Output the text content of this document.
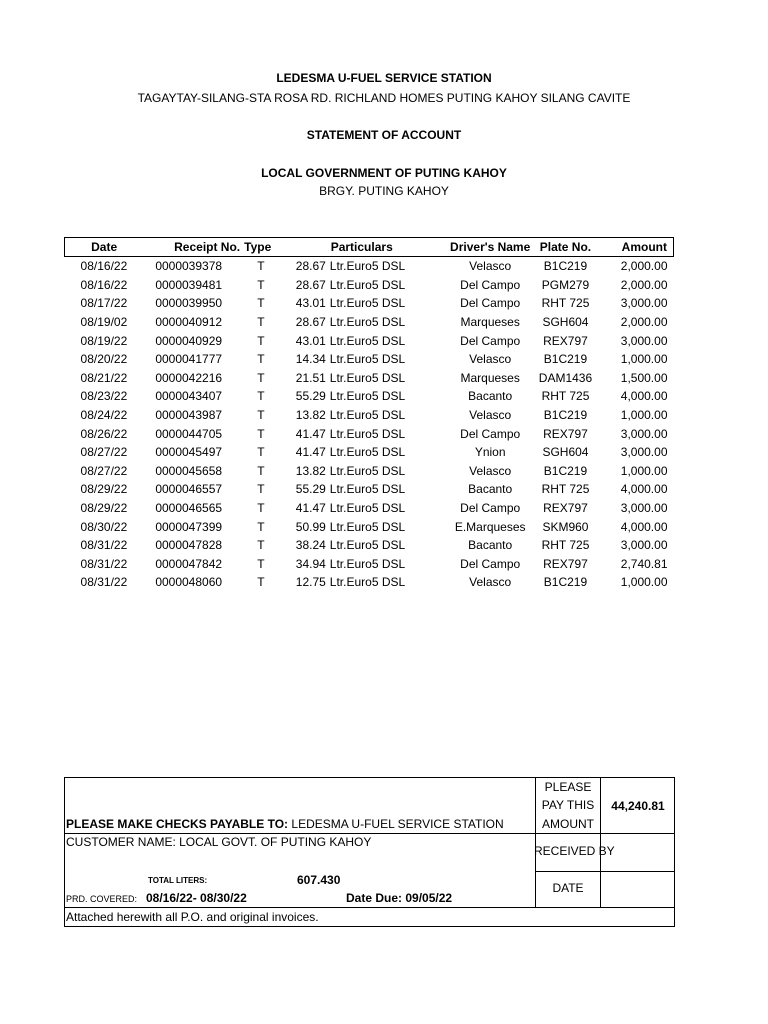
LEDESMA U-FUEL SERVICE STATION
TAGAYTAY-SILANG-STA ROSA RD. RICHLAND HOMES PUTING KAHOY SILANG CAVITE
STATEMENT OF ACCOUNT
LOCAL GOVERNMENT OF PUTING KAHOY
BRGY. PUTING KAHOY
Date	Receipt No.	Type	Particulars	Driver's Name	Plate No.	Amount
08/16/22	0000039378	T	28.67 Ltr.Euro5 DSL	Velasco	B1C219	2,000.00
08/16/22	0000039481	T	28.67 Ltr.Euro5 DSL	Del Campo	PGM279	2,000.00
08/17/22	0000039950	T	43.01 Ltr.Euro5 DSL	Del Campo	RHT 725	3,000.00
08/19/02	0000040912	T	28.67 Ltr.Euro5 DSL	Marqueses	SGH604	2,000.00
08/19/22	0000040929	T	43.01 Ltr.Euro5 DSL	Del Campo	REX797	3,000.00
08/20/22	0000041777	T	14.34 Ltr.Euro5 DSL	Velasco	B1C219	1,000.00
08/21/22	0000042216	T	21.51 Ltr.Euro5 DSL	Marqueses	DAM1436	1,500.00
08/23/22	0000043407	T	55.29 Ltr.Euro5 DSL	Bacanto	RHT 725	4,000.00
08/24/22	0000043987	T	13.82 Ltr.Euro5 DSL	Velasco	B1C219	1,000.00
08/26/22	0000044705	T	41.47 Ltr.Euro5 DSL	Del Campo	REX797	3,000.00
08/27/22	0000045497	T	41.47 Ltr.Euro5 DSL	Ynion	SGH604	3,000.00
08/27/22	0000045658	T	13.82 Ltr.Euro5 DSL	Velasco	B1C219	1,000.00
08/29/22	0000046557	T	55.29 Ltr.Euro5 DSL	Bacanto	RHT 725	4,000.00
08/29/22	0000046565	T	41.47 Ltr.Euro5 DSL	Del Campo	REX797	3,000.00
08/30/22	0000047399	T	50.99 Ltr.Euro5 DSL	E.Marqueses	SKM960	4,000.00
08/31/22	0000047828	T	38.24 Ltr.Euro5 DSL	Bacanto	RHT 725	3,000.00
08/31/22	0000047842	T	34.94 Ltr.Euro5 DSL	Del Campo	REX797	2,740.81
08/31/22	0000048060	T	12.75 Ltr.Euro5 DSL	Velasco	B1C219	1,000.00
PLEASE MAKE CHECKS PAYABLE TO: LEDESMA U-FUEL SERVICE STATION
PLEASE
PAY THIS
AMOUNT
44,240.81
CUSTOMER NAME: LOCAL GOVT. OF PUTING KAHOY
RECEIVED BY
TOTAL LITERS:	607.430
PRD. COVERED: 08/16/22- 08/30/22	Date Due: 09/05/22
DATE
Attached herewith all P.O. and original invoices.
